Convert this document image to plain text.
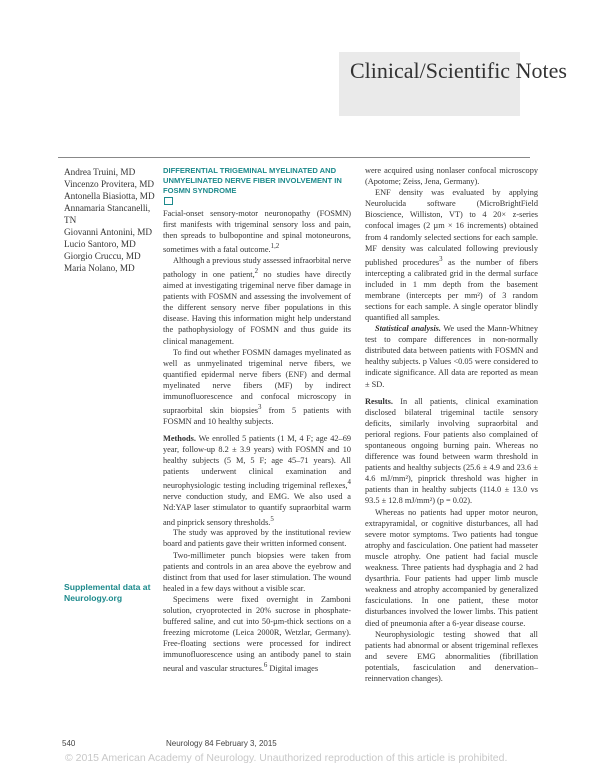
Clinical/Scientific Notes
Andrea Truini, MD
Vincenzo Provitera, MD
Antonella Biasiotta, MD
Annamaria Stancanelli, TN
Giovanni Antonini, MD
Lucio Santoro, MD
Giorgio Cruccu, MD
Maria Nolano, MD
Supplemental data at Neurology.org
DIFFERENTIAL TRIGEMINAL MYELINATED AND UNMYELINATED NERVE FIBER INVOLVEMENT IN FOSMN SYNDROME

Facial-onset sensory-motor neuronopathy (FOSMN) first manifests with trigeminal sensory loss and pain, then spreads to bulbopontine and spinal motoneurons, sometimes with a fatal outcome.$^{1,2}$

Although a previous study assessed infraorbital nerve pathology in one patient,$^2$ no studies have directly aimed at investigating trigeminal nerve fiber damage in patients with FOSMN and assessing the involvement of the different sensory nerve fiber populations in this disease. Having this information might help understand the pathophysiology of FOSMN and thus guide its clinical management.

To find out whether FOSMN damages myelinated as well as unmyelinated trigeminal nerve fibers, we quantified epidermal nerve fibers (ENF) and dermal myelinated nerve fibers (MF) by indirect immunofluorescence and confocal microscopy in supraorbital skin biopsies$^3$ from 5 patients with FOSMN and 10 healthy subjects.

Methods. We enrolled 5 patients (1 M, 4 F; age 42–69 year, follow-up 8.2 ± 3.9 years) with FOSMN and 10 healthy subjects (5 M, 5 F; age 45–71 years). All patients underwent clinical examination and neurophysiologic testing including trigeminal reflexes,$^4$ nerve conduction study, and EMG. We also used a Nd:YAP laser stimulator to quantify supraorbital warm and pinprick sensory thresholds.$^5$

The study was approved by the institutional review board and patients gave their written informed consent.

Two-millimeter punch biopsies were taken from patients and controls in an area above the eyebrow and distinct from that used for laser stimulation. The wound healed in a few days without a visible scar.

Specimens were fixed overnight in Zamboni solution, cryoprotected in 20% sucrose in phosphate-buffered saline, and cut into 50-µm-thick sections on a freezing microtome (Leica 2000R, Wetzlar, Germany). Free-floating sections were processed for indirect immunofluorescence using an antibody panel to stain neural and vascular structures.$^6$ Digital images

were acquired using nonlaser confocal microscopy (Apotome; Zeiss, Jena, Germany).

ENF density was evaluated by applying Neurolucida software (MicroBrightField Bioscience, Williston, VT) to 4 20× z-series confocal images (2 µm × 16 increments) obtained from 4 randomly selected sections for each sample. MF density was calculated following previously published procedures$^3$ as the number of fibers intercepting a calibrated grid in the dermal surface included in 1 mm depth from the basement membrane (intercepts per mm²) of 3 random sections for each sample. A single operator blindly quantified all samples.

Statistical analysis. We used the Mann-Whitney test to compare differences in non-normally distributed data between patients with FOSMN and healthy subjects. p Values <0.05 were considered to indicate significance. All data are reported as mean ± SD.

Results. In all patients, clinical examination disclosed bilateral trigeminal tactile sensory deficits, similarly involving supraorbital and perioral regions. Four patients also complained of spontaneous ongoing burning pain. Whereas no difference was found between warm threshold in patients and healthy subjects (25.6 ± 4.9 and 23.6 ± 4.6 mJ/mm²), pinprick threshold was higher in patients than in healthy subjects (114.0 ± 13.0 vs 93.5 ± 12.8 mJ/mm²) (p = 0.02).

Whereas no patients had upper motor neuron, extrapyramidal, or cognitive disturbances, all had severe motor symptoms. Two patients had tongue atrophy and fasciculation. One patient had masseter muscle atrophy. One patient had facial muscle weakness. Three patients had dysphagia and 2 had dysarthria. Four patients had upper limb muscle weakness and atrophy accompanied by generalized fasciculations. In one patient, these motor disturbances involved the lower limbs. This patient died of pneumonia after a 6-year disease course.

Neurophysiologic testing showed that all patients had abnormal or absent trigeminal reflexes and severe EMG abnormalities (fibrillation potentials, fasciculation and denervation–reinnervation changes).

540	Neurology 84 February 3, 2015
© 2015 American Academy of Neurology. Unauthorized reproduction of this article is prohibited.
